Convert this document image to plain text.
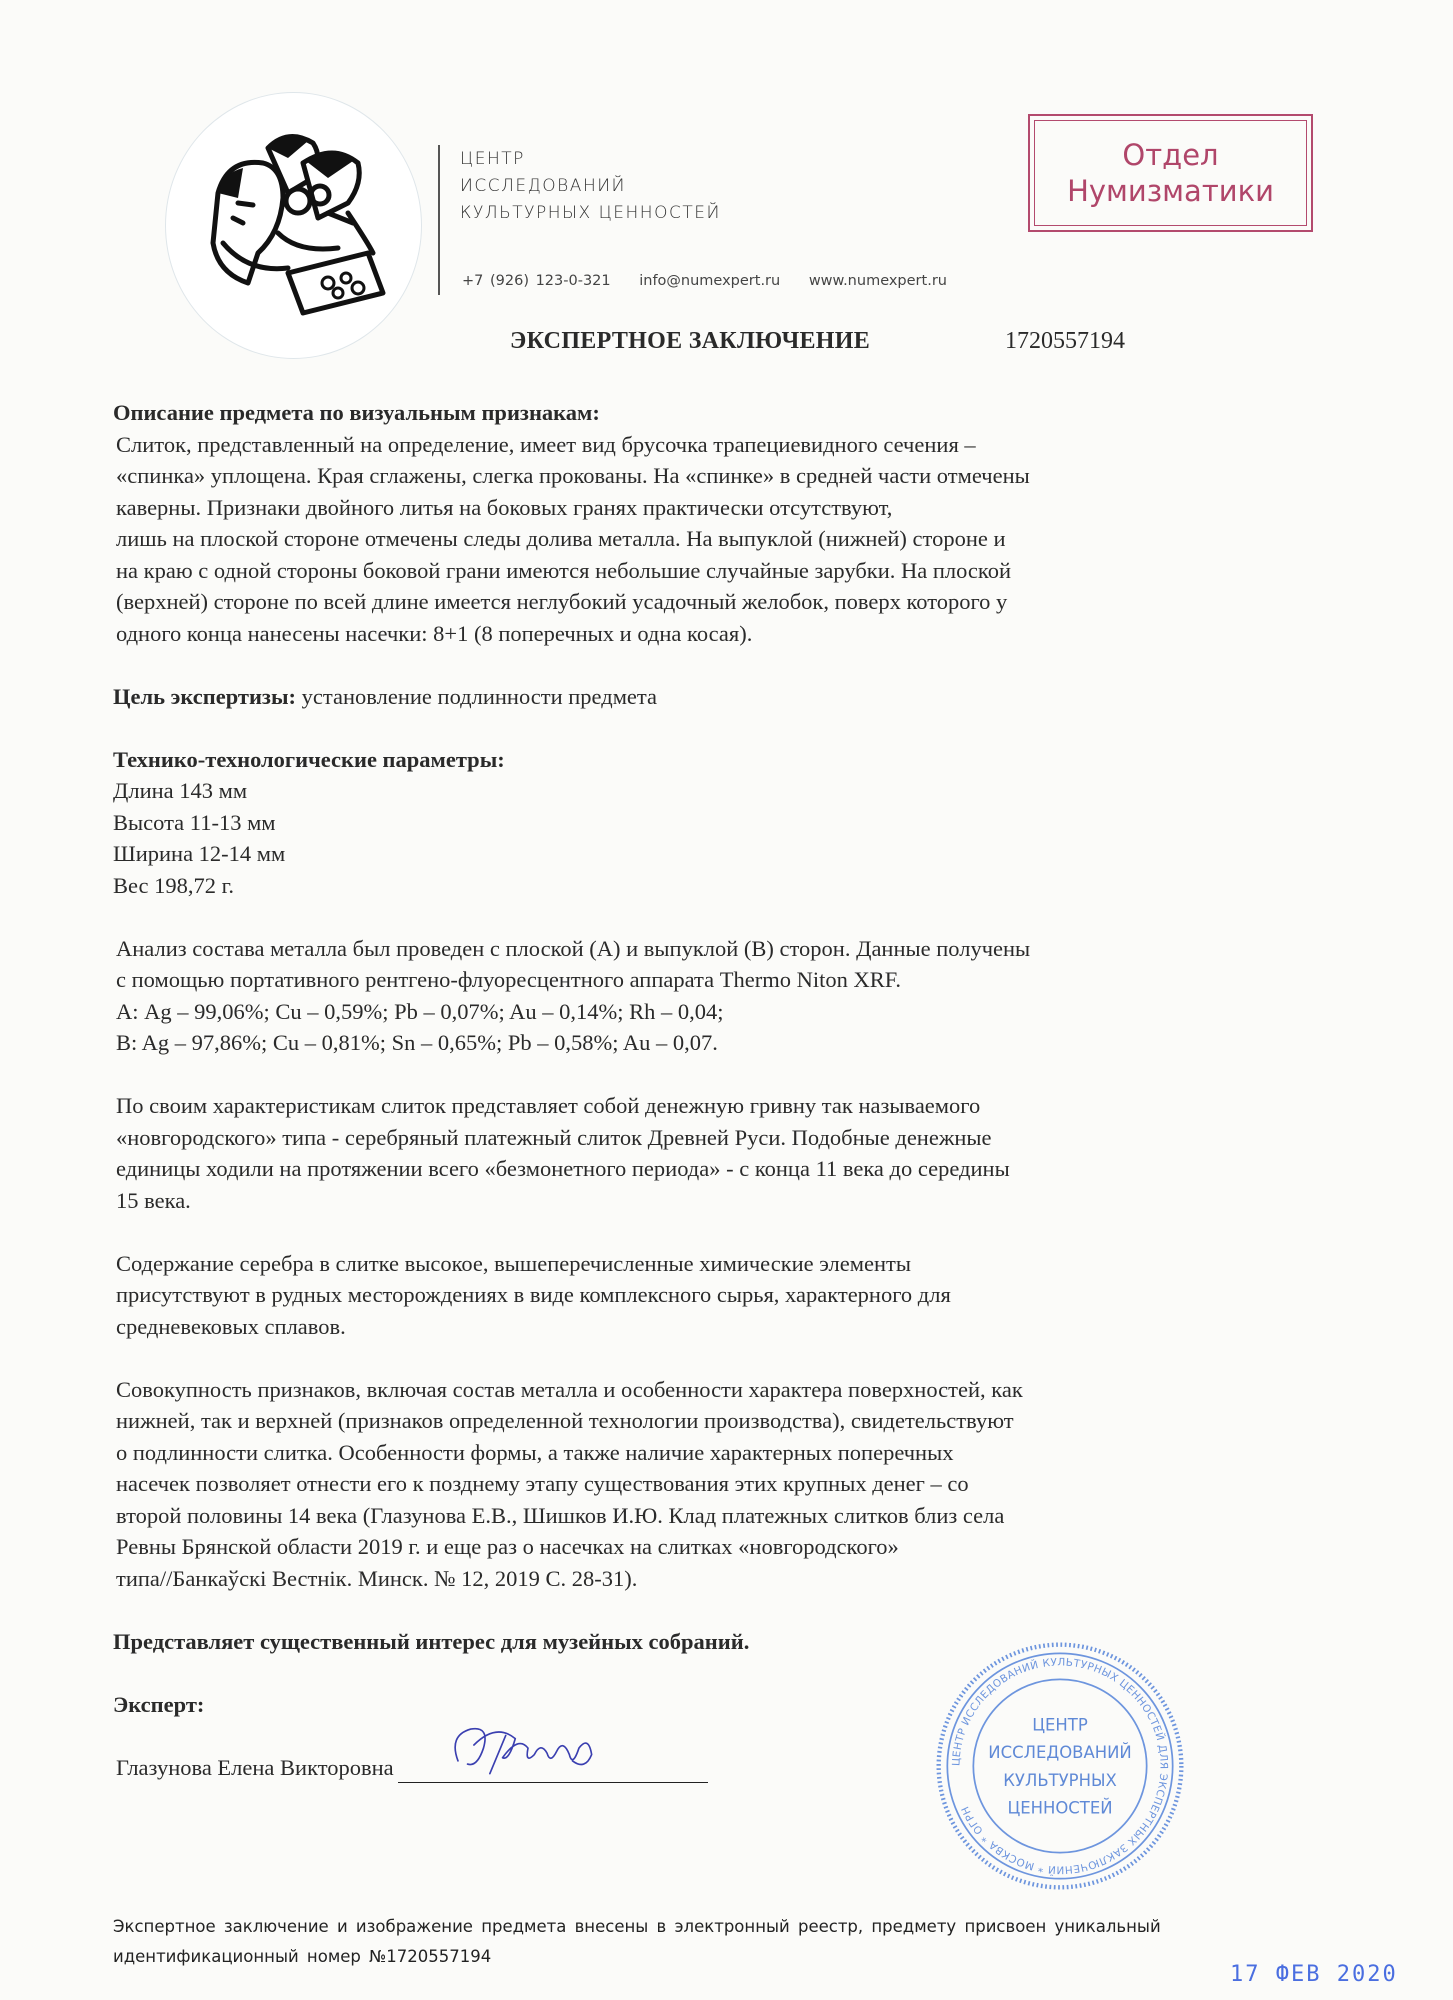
ЦЕНТР
ИССЛЕДОВАНИЙ
КУЛЬТУРНЫХ ЦЕННОСТЕЙ
+7 (926) 123-0-321 info@numexpert.ru www.numexpert.ru
Отдел
Нумизматики
ЭКСПЕРТНОЕ ЗАКЛЮЧЕНИЕ	1720557194
Описание предмета по визуальным признакам:
Слиток, представленный на определение, имеет вид брусочка трапециевидного сечения –
«спинка» уплощена. Края сглажены, слегка прокованы. На «спинке» в средней части отмечены
каверны. Признаки двойного литья на боковых гранях практически отсутствуют,
лишь на плоской стороне отмечены следы долива металла. На выпуклой (нижней) стороне и
на краю с одной стороны боковой грани имеются небольшие случайные зарубки. На плоской
(верхней) стороне по всей длине имеется неглубокий усадочный желобок, поверх которого у
одного конца нанесены насечки: 8+1 (8 поперечных и одна косая).
Цель экспертизы: установление подлинности предмета
Технико-технологические параметры:
Длина 143 мм
Высота 11-13 мм
Ширина 12-14 мм
Вес 198,72 г.
Анализ состава металла был проведен с плоской (А) и выпуклой (В) сторон. Данные получены
с помощью портативного рентгено-флуоресцентного аппарата Thermo Niton XRF.
А: Ag – 99,06%; Cu – 0,59%; Pb – 0,07%; Au – 0,14%; Rh – 0,04;
B: Ag – 97,86%; Cu – 0,81%; Sn – 0,65%; Pb – 0,58%; Au – 0,07.
По своим характеристикам слиток представляет собой денежную гривну так называемого
«новгородского» типа - серебряный платежный слиток Древней Руси. Подобные денежные
единицы ходили на протяжении всего «безмонетного периода» - с конца 11 века до середины
15 века.
Содержание серебра в слитке высокое, вышеперечисленные химические элементы
присутствуют в рудных месторождениях в виде комплексного сырья, характерного для
средневековых сплавов.
Совокупность признаков, включая состав металла и особенности характера поверхностей, как
нижней, так и верхней (признаков определенной технологии производства), свидетельствуют
о подлинности слитка. Особенности формы, а также наличие характерных поперечных
насечек позволяет отнести его к позднему этапу существования этих крупных денег – со
второй половины 14 века (Глазунова Е.В., Шишков И.Ю. Клад платежных слитков близ села
Ревны Брянской области 2019 г. и еще раз о насечках на слитках «новгородского»
типа//Банкаўскі Вестнік. Минск. № 12, 2019 С. 28-31).
Представляет существенный интерес для музейных собраний.
Эксперт:
Глазунова Елена Викторовна	ЦЕНТР ИССЛЕДОВАНИЙ КУЛЬТУРНЫХ ЦЕННОСТЕЙ ДЛЯ ЭКСПЕРТНЫХ ЗАКЛЮЧЕНИЙ * МОСКВА * ОГРН
ЦЕНТР
ИССЛЕДОВАНИЙ
КУЛЬТУРНЫХ
ЦЕННОСТЕЙ
Экспертное заключение и изображение предмета внесены в электронный реестр, предмету присвоен уникальный
идентификационный номер №1720557194
17 ФЕВ 2020
